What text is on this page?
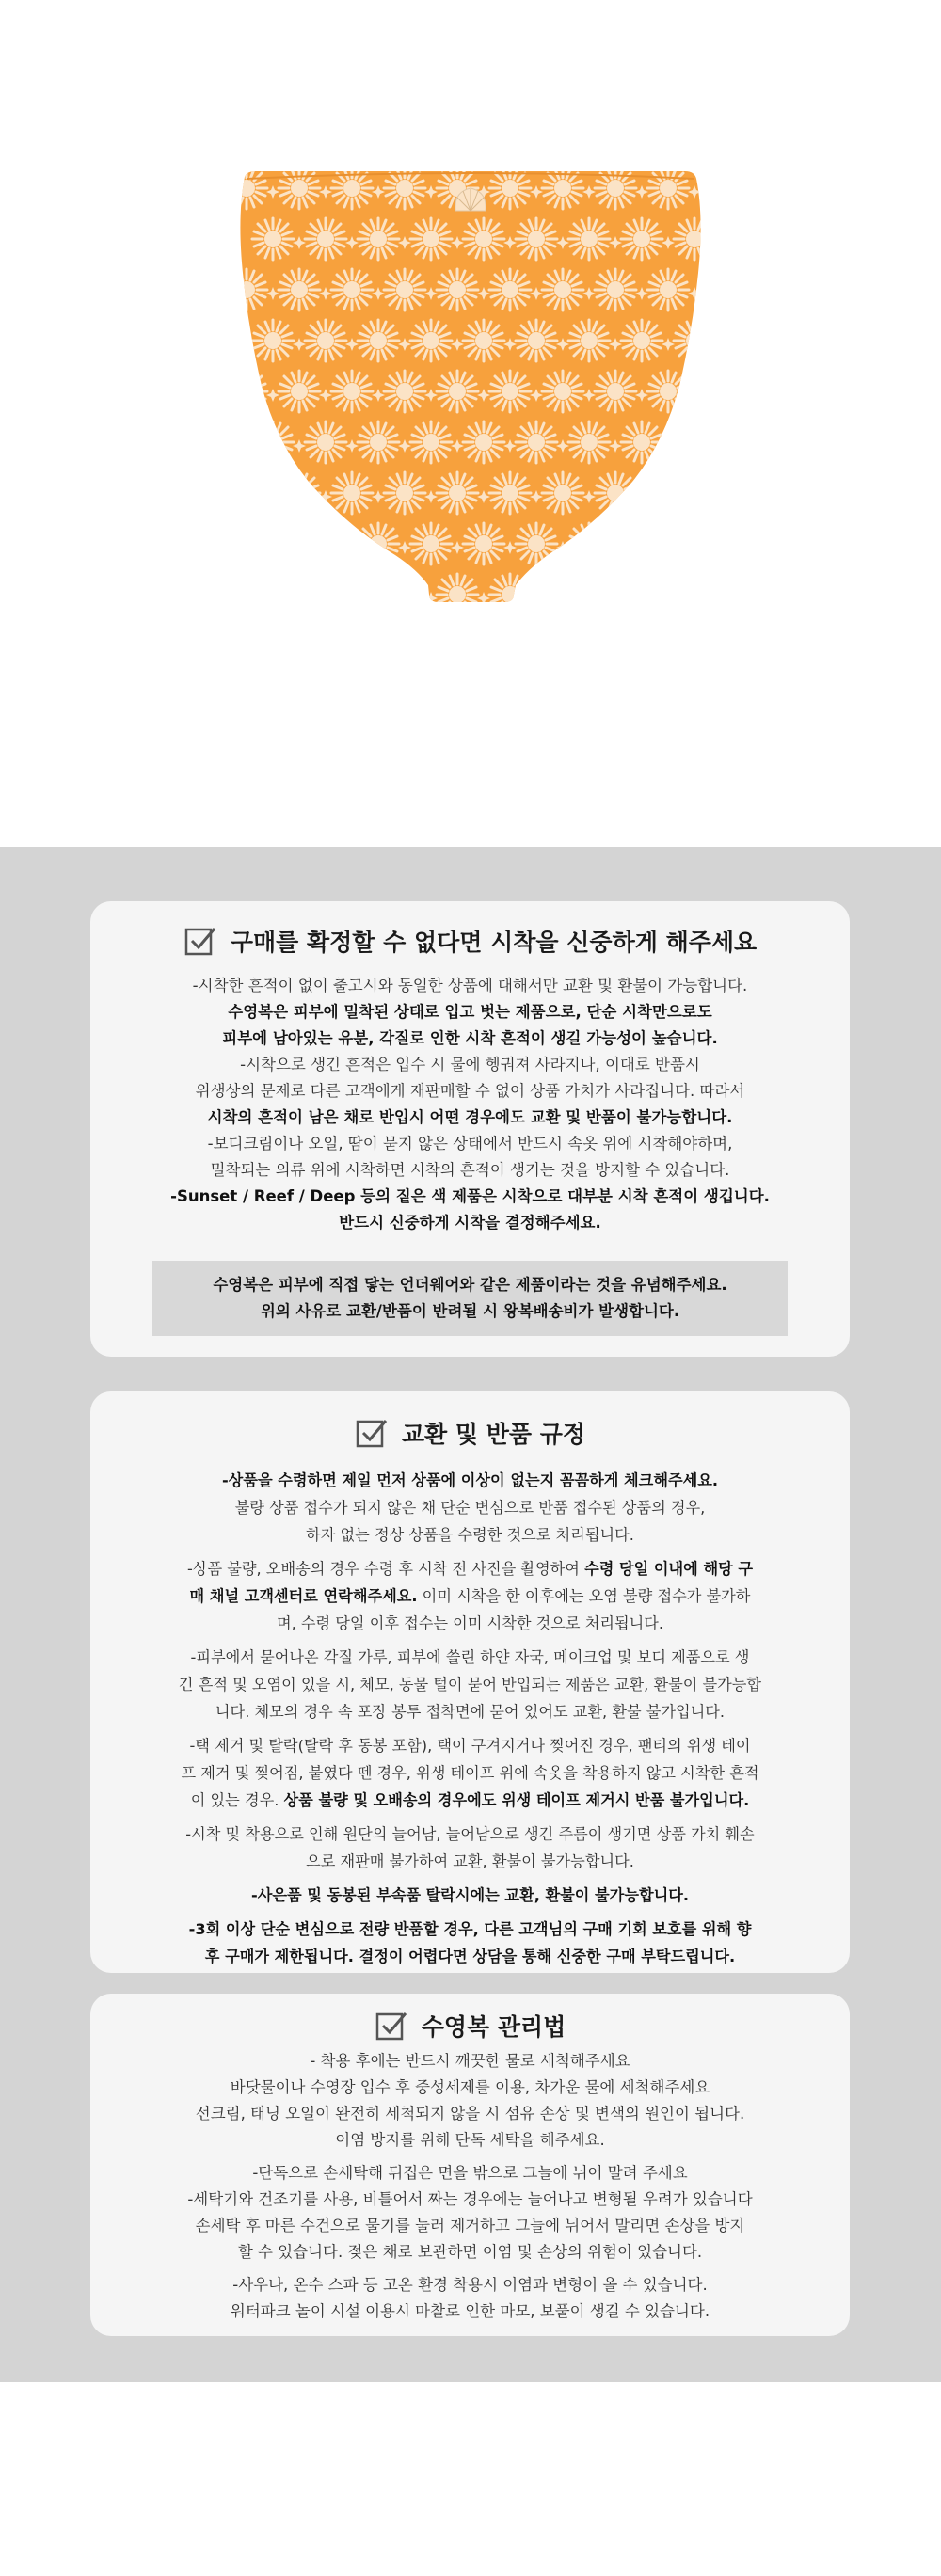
구매를 확정할 수 없다면 시착을 신중하게 해주세요
-시착한 흔적이 없이 출고시와 동일한 상품에 대해서만 교환 및 환불이 가능합니다.
수영복은 피부에 밀착된 상태로 입고 벗는 제품으로, 단순 시착만으로도
피부에 남아있는 유분, 각질로 인한 시착 흔적이 생길 가능성이 높습니다.
-시착으로 생긴 흔적은 입수 시 물에 헹궈져 사라지나, 이대로 반품시
위생상의 문제로 다른 고객에게 재판매할 수 없어 상품 가치가 사라집니다. 따라서
시착의 흔적이 남은 채로 반입시 어떤 경우에도 교환 및 반품이 불가능합니다.
-보디크림이나 오일, 땀이 묻지 않은 상태에서 반드시 속옷 위에 시착해야하며,
밀착되는 의류 위에 시착하면 시착의 흔적이 생기는 것을 방지할 수 있습니다.
-Sunset / Reef / Deep 등의 짙은 색 제품은 시착으로 대부분 시착 흔적이 생깁니다.
반드시 신중하게 시착을 결정해주세요.
수영복은 피부에 직접 닿는 언더웨어와 같은 제품이라는 것을 유념해주세요.
위의 사유로 교환/반품이 반려될 시 왕복배송비가 발생합니다.
교환 및 반품 규정
-상품을 수령하면 제일 먼저 상품에 이상이 없는지 꼼꼼하게 체크해주세요.
불량 상품 접수가 되지 않은 채 단순 변심으로 반품 접수된 상품의 경우,
하자 없는 정상 상품을 수령한 것으로 처리됩니다.
-상품 불량, 오배송의 경우 수령 후 시착 전 사진을 촬영하여 수령 당일 이내에 해당 구
매 채널 고객센터로 연락해주세요. 이미 시착을 한 이후에는 오염 불량 접수가 불가하
며, 수령 당일 이후 접수는 이미 시착한 것으로 처리됩니다.
-피부에서 묻어나온 각질 가루, 피부에 쓸린 하얀 자국, 메이크업 및 보디 제품으로 생
긴 흔적 및 오염이 있을 시, 체모, 동물 털이 묻어 반입되는 제품은 교환, 환불이 불가능합
니다. 체모의 경우 속 포장 봉투 접착면에 묻어 있어도 교환, 환불 불가입니다.
-택 제거 및 탈락(탈락 후 동봉 포함), 택이 구겨지거나 찢어진 경우, 팬티의 위생 테이
프 제거 및 찢어짐, 붙였다 뗀 경우, 위생 테이프 위에 속옷을 착용하지 않고 시착한 흔적
이 있는 경우. 상품 불량 및 오배송의 경우에도 위생 테이프 제거시 반품 불가입니다.
-시착 및 착용으로 인해 원단의 늘어남, 늘어남으로 생긴 주름이 생기면 상품 가치 훼손
으로 재판매 불가하여 교환, 환불이 불가능합니다.
-사은품 및 동봉된 부속품 탈락시에는 교환, 환불이 불가능합니다.
-3회 이상 단순 변심으로 전량 반품할 경우, 다른 고객님의 구매 기회 보호를 위해 향
후 구매가 제한됩니다. 결정이 어렵다면 상담을 통해 신중한 구매 부탁드립니다.
수영복 관리법
- 착용 후에는 반드시 깨끗한 물로 세척해주세요
바닷물이나 수영장 입수 후 중성세제를 이용, 차가운 물에 세척해주세요
선크림, 태닝 오일이 완전히 세척되지 않을 시 섬유 손상 및 변색의 원인이 됩니다.
이염 방지를 위해 단독 세탁을 해주세요.
-단독으로 손세탁해 뒤집은 면을 밖으로 그늘에 뉘어 말려 주세요
-세탁기와 건조기를 사용, 비틀어서 짜는 경우에는 늘어나고 변형될 우려가 있습니다
손세탁 후 마른 수건으로 물기를 눌러 제거하고 그늘에 뉘어서 말리면 손상을 방지
할 수 있습니다. 젖은 채로 보관하면 이염 및 손상의 위험이 있습니다.
-사우나, 온수 스파 등 고온 환경 착용시 이염과 변형이 올 수 있습니다.
워터파크 놀이 시설 이용시 마찰로 인한 마모, 보풀이 생길 수 있습니다.
